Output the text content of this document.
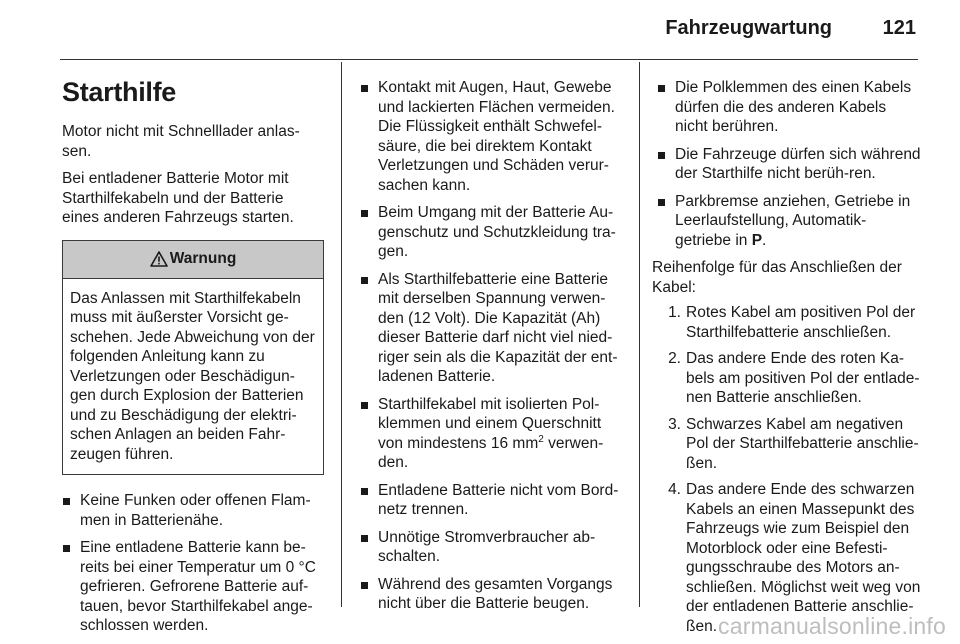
Fahrzeugwartung	121
Starthilfe

Motor nicht mit Schnelllader anlas-sen.

Bei entladener Batterie Motor mit Starthilfekabeln und der Batterie eines anderen Fahrzeugs starten.

Warnung
Das Anlassen mit Starthilfekabeln muss mit äußerster Vorsicht ge-schehen. Jede Abweichung von der folgenden Anleitung kann zu Verletzungen oder Beschädigun-gen durch Explosion der Batterien und zu Beschädigung der elektri-schen Anlagen an beiden Fahr-zeugen führen.
Keine Funken oder offenen Flam-men in Batterienähe.
Eine entladene Batterie kann be-reits bei einer Temperatur um 0 °C gefrieren. Gefrorene Batterie auf-tauen, bevor Starthilfekabel ange-schlossen werden.
Kontakt mit Augen, Haut, Gewebe und lackierten Flächen vermeiden. Die Flüssigkeit enthält Schwefel-säure, die bei direktem Kontakt Verletzungen und Schäden verur-sachen kann.
Beim Umgang mit der Batterie Au-genschutz und Schutzkleidung tra-gen.
Als Starthilfebatterie eine Batterie mit derselben Spannung verwen-den (12 Volt). Die Kapazität (Ah) dieser Batterie darf nicht viel nied-riger sein als die Kapazität der ent-ladenen Batterie.
Starthilfekabel mit isolierten Pol-klemmen und einem Querschnitt von mindestens 16 $mm^2$ verwen-den.
Entladene Batterie nicht vom Bord-netz trennen.
Unnötige Stromverbraucher ab-schalten.
Während des gesamten Vorgangs nicht über die Batterie beugen.
Die Polklemmen des einen Kabels dürfen die des anderen Kabels nicht berühren.
Die Fahrzeuge dürfen sich während der Starthilfe nicht berüh-ren.
Parkbremse anziehen, Getriebe in Leerlaufstellung, Automatik-getriebe in P.

Reihenfolge für das Anschließen der Kabel:

1. Rotes Kabel am positiven Pol der Starthilfebatterie anschließen.
2. Das andere Ende des roten Ka-bels am positiven Pol der entlade-nen Batterie anschließen.
3. Schwarzes Kabel am negativen Pol der Starthilfebatterie anschlie-ßen.
4. Das andere Ende des schwarzen Kabels an einen Massepunkt des Fahrzeugs wie zum Beispiel den Motorblock oder eine Befesti-gungsschraube des Motors an-schließen. Möglichst weit weg von der entladenen Batterie anschlie-ßen. carmanualsonline.info
